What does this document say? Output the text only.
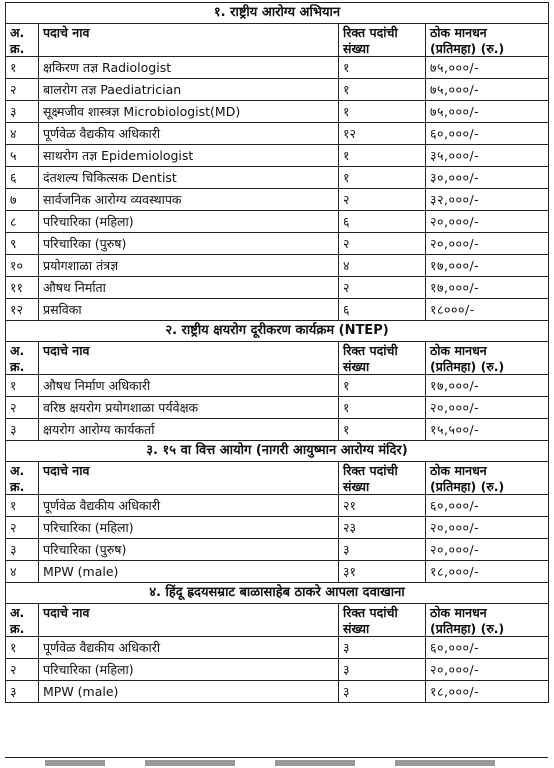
१. राष्ट्रीय आरोग्य अभियान			
अ.
क्र.	पदाचे नाव	रिक्त पदांची
संख्या	ठोक मानधन
(प्रतिमहा) (रु.)

१	क्षकिरण तज्ञ Radiologist	१	७५,०००/-
२	बालरोग तज्ञ Paediatrician	१	७५,०००/-
३	सूक्ष्मजीव शास्त्रज्ञ Microbiologist(MD)	१	७५,०००/-
४	पूर्णवेळ वैद्यकीय अधिकारी	१२	६०,०००/-
५	साथरोग तज्ञ Epidemiologist	१	३५,०००/-
६	दंतशल्य चिकित्सक Dentist	१	३०,०००/-
७	सार्वजनिक आरोग्य व्यवस्थापक	२	३२,०००/-
८	परिचारिका (महिला)	६	२०,०००/-
९	परिचारिका (पुरुष)	२	२०,०००/-
१०	प्रयोगशाळा तंत्रज्ञ	४	१७,०००/-
११	औषध निर्माता	२	१७,०००/-
१२	प्रसविका	६	१८०००/-
२. राष्ट्रीय क्षयरोग दूरीकरण कार्यक्रम (NTEP)			
अ.
क्र.	पदाचे नाव	रिक्त पदांची
संख्या	ठोक मानधन
(प्रतिमहा) (रु.)

१	औषध निर्माण अधिकारी	१	१७,०००/-
२	वरिष्ठ क्षयरोग प्रयोगशाळा पर्यवेक्षक	१	२०,०००/-
३	क्षयरोग आरोग्य कार्यकर्ता	१	१५,५००/-
३. १५ वा वित्त आयोग (नागरी आयुष्मान आरोग्य मंदिर)			
अ.
क्र.	पदाचे नाव	रिक्त पदांची
संख्या	ठोक मानधन
(प्रतिमहा) (रु.)

१	पूर्णवेळ वैद्यकीय अधिकारी	२१	६०,०००/-
२	परिचारिका (महिला)	२३	२०,०००/-
३	परिचारिका (पुरुष)	३	२०,०००/-
४	MPW (male)	३१	१८,०००/-
४. हिंदू ह्रदयसम्राट बाळासाहेब ठाकरे आपला दवाखाना			
अ.
क्र.	पदाचे नाव	रिक्त पदांची
संख्या	ठोक मानधन
(प्रतिमहा) (रु.)

१	पूर्णवेळ वैद्यकीय अधिकारी	३	६०,०००/-
२	परिचारिका (महिला)	३	२०,०००/-
३	MPW (male)	३	१८,०००/-
